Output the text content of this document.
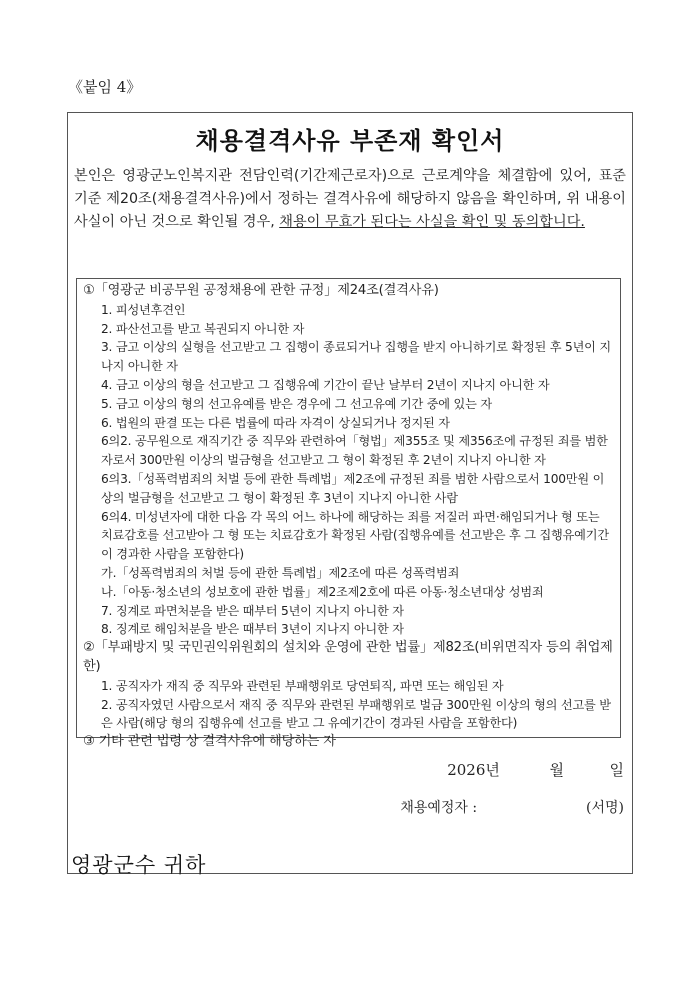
《붙임 4》
채용결격사유 부존재 확인서
본인은 영광군노인복지관 전담인력(기간제근로자)으로 근로계약을 체결함에 있어, 표준 기준 제20조(채용결격사유)에서 정하는 결격사유에 해당하지 않음을 확인하며, 위 내용이 사실이 아닌 것으로 확인될 경우, 채용이 무효가 된다는 사실을 확인 및 동의합니다.

①「영광군 비공무원 공정채용에 관한 규정」제24조(결격사유)

1. 피성년후견인

2. 파산선고를 받고 복권되지 아니한 자

3. 금고 이상의 실형을 선고받고 그 집행이 종료되거나 집행을 받지 아니하기로 확정된 후 5년이 지나지 아니한 자

4. 금고 이상의 형을 선고받고 그 집행유예 기간이 끝난 날부터 2년이 지나지 아니한 자

5. 금고 이상의 형의 선고유예를 받은 경우에 그 선고유예 기간 중에 있는 자

6. 법원의 판결 또는 다른 법률에 따라 자격이 상실되거나 정지된 자

6의2. 공무원으로 재직기간 중 직무와 관련하여「형법」제355조 및 제356조에 규정된 죄를 범한 자로서 300만원 이상의 벌금형을 선고받고 그 형이 확정된 후 2년이 지나지 아니한 자

6의3.「성폭력범죄의 처벌 등에 관한 특례법」제2조에 규정된 죄를 범한 사람으로서 100만원 이상의 벌금형을 선고받고 그 형이 확정된 후 3년이 지나지 아니한 사람

6의4. 미성년자에 대한 다음 각 목의 어느 하나에 해당하는 죄를 저질러 파면·해임되거나 형 또는 치료감호를 선고받아 그 형 또는 치료감호가 확정된 사람(집행유예를 선고받은 후 그 집행유예기간이 경과한 사람을 포함한다)

가.「성폭력범죄의 처벌 등에 관한 특례법」제2조에 따른 성폭력범죄

나.「아동·청소년의 성보호에 관한 법률」제2조제2호에 따른 아동·청소년대상 성범죄

7. 징계로 파면처분을 받은 때부터 5년이 지나지 아니한 자

8. 징계로 해임처분을 받은 때부터 3년이 지나지 아니한 자

②「부패방지 및 국민권익위원회의 설치와 운영에 관한 법률」제82조(비위면직자 등의 취업제한)

1. 공직자가 재직 중 직무와 관련된 부패행위로 당연퇴직, 파면 또는 해임된 자

2. 공직자였던 사람으로서 재직 중 직무와 관련된 부패행위로 벌금 300만원 이상의 형의 선고를 받은 사람(해당 형의 집행유예 선고를 받고 그 유예기간이 경과된 사람을 포함한다)

③ 기타 관련 법령 상 결격사유에 해당하는 자

2026년	월	일
채용예정자 :	(서명)
영광군수 귀하
